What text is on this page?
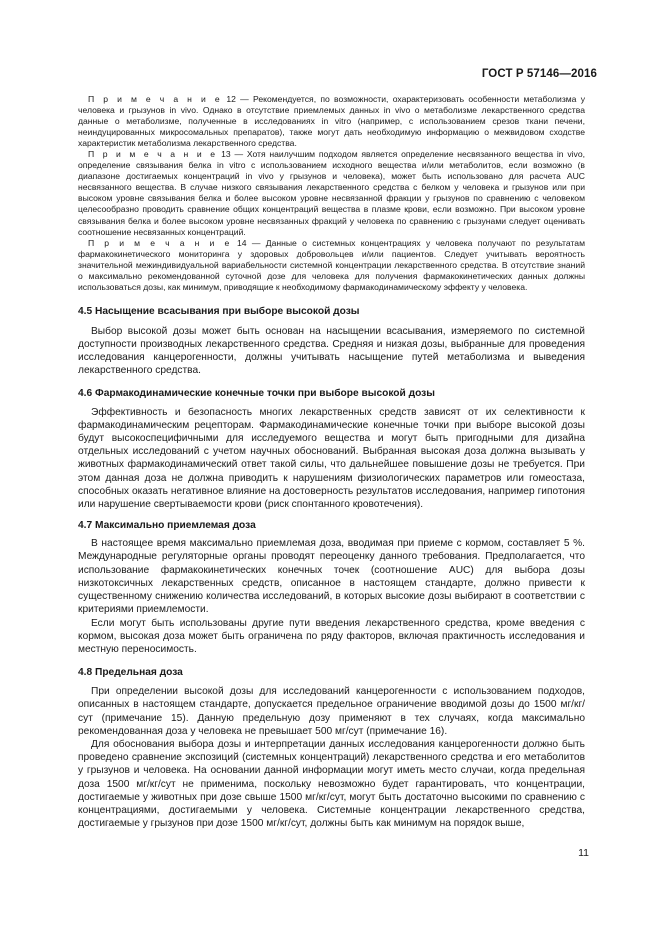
ГОСТ Р 57146—2016

П р и м е ч а н и е 12 — Рекомендуется, по возможности, охарактеризовать особенности метаболизма у человека и грызунов in vivo. Однако в отсутствие приемлемых данных in vivo о метаболизме лекарственного средства данные о метаболизме, полученные в исследованиях in vitro (например, с использованием срезов ткани печени, неиндуцированных микросомальных препаратов), также могут дать необходимую информацию о межвидовом сходстве характеристик метаболизма лекарственного средства.

П р и м е ч а н и е 13 — Хотя наилучшим подходом является определение несвязанного вещества in vivo, определение связывания белка in vitro с использованием исходного вещества и/или метаболитов, если возможно (в диапазоне достигаемых концентраций in vivo у грызунов и человека), может быть использовано для расчета AUC несвязанного вещества. В случае низкого связывания лекарственного средства с белком у человека и грызунов или при высоком уровне связывания белка и более высоком уровне несвязанной фракции у грызунов по сравнению с человеком целесообразно проводить сравнение общих концентраций вещества в плазме крови, если возможно. При высоком уровне связывания белка и более высоком уровне несвязанных фракций у человека по сравнению с грызунами следует оценивать соотношение несвязанных концентраций.

П р и м е ч а н и е 14 — Данные о системных концентрациях у человека получают по результатам фармакокинетического мониторинга у здоровых добровольцев и/или пациентов. Следует учитывать вероятность значительной межиндивидуальной вариабельности системной концентрации лекарственного средства. В отсутствие знаний о максимально рекомендованной суточной дозе для человека для получения фармакокинетических данных должны использоваться дозы, как минимум, приводящие к необходимому фармакодинамическому эффекту у человека.

4.5 Насыщение всасывания при выборе высокой дозы

Выбор высокой дозы может быть основан на насыщении всасывания, измеряемого по системной доступности производных лекарственного средства. Средняя и низкая дозы, выбранные для проведения исследования канцерогенности, должны учитывать насыщение путей метаболизма и выведения лекарственного средства.

4.6 Фармакодинамические конечные точки при выборе высокой дозы

Эффективность и безопасность многих лекарственных средств зависят от их селективности к фармакодинамическим рецепторам. Фармакодинамические конечные точки при выборе высокой дозы будут высокоспецифичными для исследуемого вещества и могут быть пригодными для дизайна отдельных исследований с учетом научных обоснований. Выбранная высокая доза должна вызывать у животных фармакодинамический ответ такой силы, что дальнейшее повышение дозы не требуется. При этом данная доза не должна приводить к нарушениям физиологических параметров или гомеостаза, способных оказать негативное влияние на достоверность результатов исследования, например гипотония или нарушение свертываемости крови (риск спонтанного кровотечения).

4.7 Максимально приемлемая доза

В настоящее время максимально приемлемая доза, вводимая при приеме с кормом, составляет 5 %. Международные регуляторные органы проводят переоценку данного требования. Предполагается, что использование фармакокинетических конечных точек (соотношение AUC) для выбора дозы низкотоксичных лекарственных средств, описанное в настоящем стандарте, должно привести к существенному снижению количества исследований, в которых высокие дозы выбирают в соответствии с критериями приемлемости.

Если могут быть использованы другие пути введения лекарственного средства, кроме введения с кормом, высокая доза может быть ограничена по ряду факторов, включая практичность исследования и местную переносимость.

4.8 Предельная доза

При определении высокой дозы для исследований канцерогенности с использованием подходов, описанных в настоящем стандарте, допускается предельное ограничение вводимой дозы до 1500 мг/кг/сут (примечание 15). Данную предельную дозу применяют в тех случаях, когда максимально рекомендованная доза у человека не превышает 500 мг/сут (примечание 16).

Для обоснования выбора дозы и интерпретации данных исследования канцерогенности должно быть проведено сравнение экспозиций (системных концентраций) лекарственного средства и его метаболитов у грызунов и человека. На основании данной информации могут иметь место случаи, когда предельная доза 1500 мг/кг/сут не применима, поскольку невозможно будет гарантировать, что концентрации, достигаемые у животных при дозе свыше 1500 мг/кг/сут, могут быть достаточно высокими по сравнению с концентрациями, достигаемыми у человека. Системные концентрации лекарственного средства, достигаемые у грызунов при дозе 1500 мг/кг/сут, должны быть как минимум на порядок выше,

11
